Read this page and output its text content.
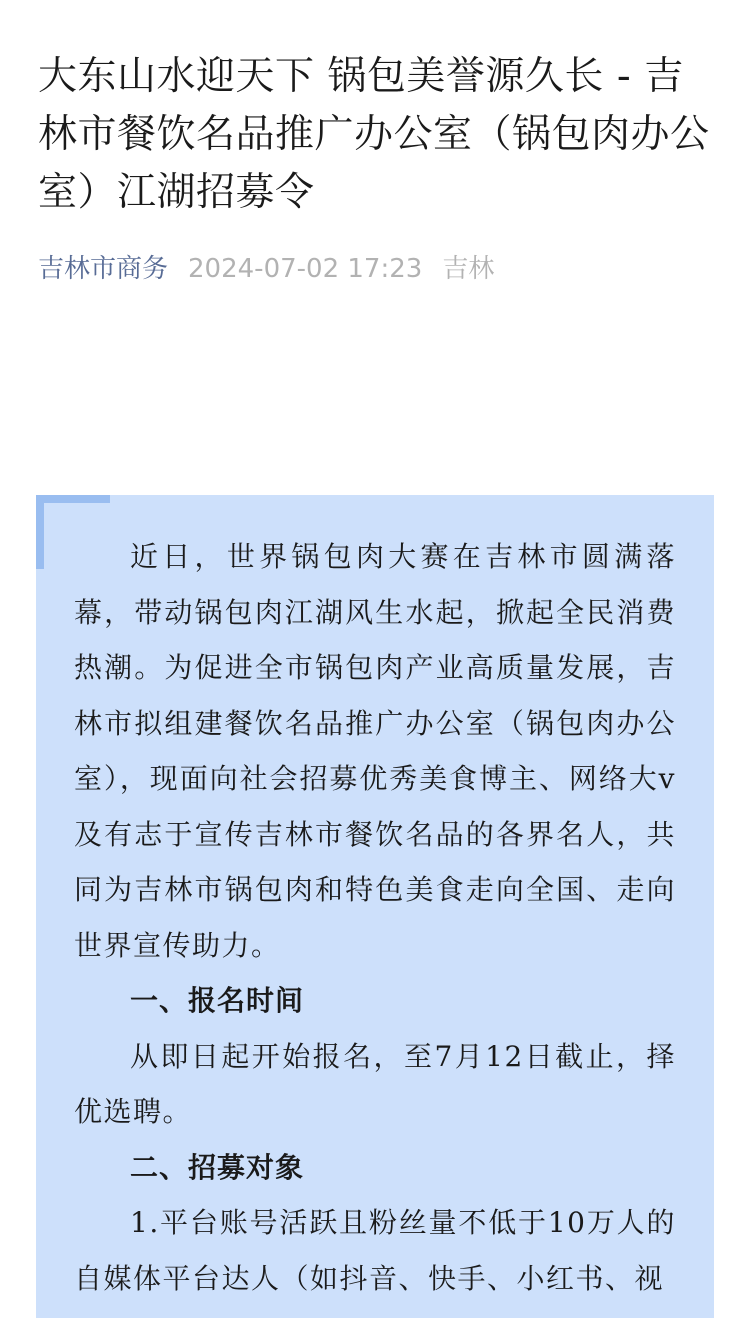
大东山水迎天下 锅包美誉源久长 - 吉林市餐饮名品推广办公室（锅包肉办公室）江湖招募令
吉林市商务 2024-07-02 17:23 吉林

近日，世界锅包肉大赛在吉林市圆满落幕，带动锅包肉江湖风生水起，掀起全民消费热潮。为促进全市锅包肉产业高质量发展，吉林市拟组建餐饮名品推广办公室（锅包肉办公室），现面向社会招募优秀美食博主、网络大v及有志于宣传吉林市餐饮名品的各界名人，共同为吉林市锅包肉和特色美食走向全国、走向世界宣传助力。

一、报名时间

从即日起开始报名，至7月12日截止，择优选聘。

二、招募对象

1.平台账号活跃且粉丝量不低于10万人的自媒体平台达人（如抖音、快手、小红书、视
